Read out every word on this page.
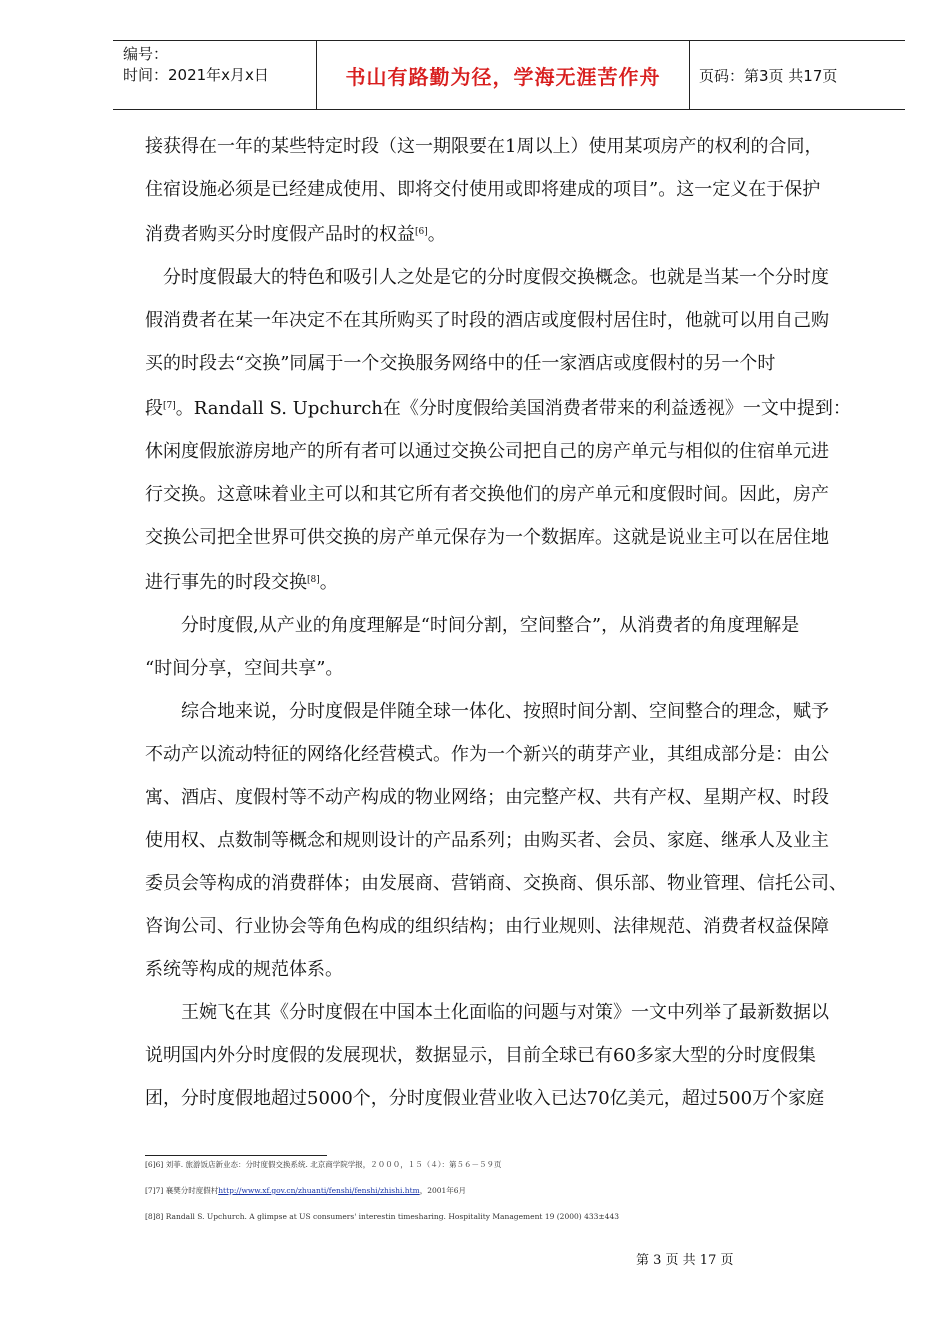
编号：
时间：2021年x月x日	书山有路勤为径，学海无涯苦作舟	页码：第3页 共17页

接获得在一年的某些特定时段（这一期限要在1周以上）使用某项房产的权利的合同，

住宿设施必须是已经建成使用、即将交付使用或即将建成的项目”。这一定义在于保护

消费者购买分时度假产品时的权益[6]。

分时度假最大的特色和吸引人之处是它的分时度假交换概念。也就是当某一个分时度

假消费者在某一年决定不在其所购买了时段的酒店或度假村居住时，他就可以用自己购

买的时段去“交换”同属于一个交换服务网络中的任一家酒店或度假村的另一个时

段[7]。Randall S. Upchurch在《分时度假给美国消费者带来的利益透视》一文中提到：

休闲度假旅游房地产的所有者可以通过交换公司把自己的房产单元与相似的住宿单元进

行交换。这意味着业主可以和其它所有者交换他们的房产单元和度假时间。因此，房产

交换公司把全世界可供交换的房产单元保存为一个数据库。这就是说业主可以在居住地

进行事先的时段交换[8]。

分时度假,从产业的角度理解是“时间分割，空间整合”，从消费者的角度理解是

“时间分享，空间共享”。

综合地来说，分时度假是伴随全球一体化、按照时间分割、空间整合的理念，赋予

不动产以流动特征的网络化经营模式。作为一个新兴的萌芽产业，其组成部分是：由公

寓、酒店、度假村等不动产构成的物业网络；由完整产权、共有产权、星期产权、时段

使用权、点数制等概念和规则设计的产品系列；由购买者、会员、家庭、继承人及业主

委员会等构成的消费群体；由发展商、营销商、交换商、俱乐部、物业管理、信托公司、

咨询公司、行业协会等角色构成的组织结构；由行业规则、法律规范、消费者权益保障

系统等构成的规范体系。

王婉飞在其《分时度假在中国本土化面临的问题与对策》一文中列举了最新数据以

说明国内外分时度假的发展现状，数据显示，目前全球已有60多家大型的分时度假集

团，分时度假地超过5000个，分时度假业营业收入已达70亿美元，超过500万个家庭

[6]6] 刘菲. 旅游饭店新业态：分时度假交换系统. 北京商学院学报，２０００，１５（４）：第５６－５９页
[7]7] 襄樊分时度假村http://www.xf.gov.cn/zhuanti/fenshi/fenshi/zhishi.htm，2001年6月
[8]8] Randall S. Upchurch. A glimpse at US consumers' interestin timesharing. Hospitality Management 19 (2000) 433±443
第 3 页 共 17 页
